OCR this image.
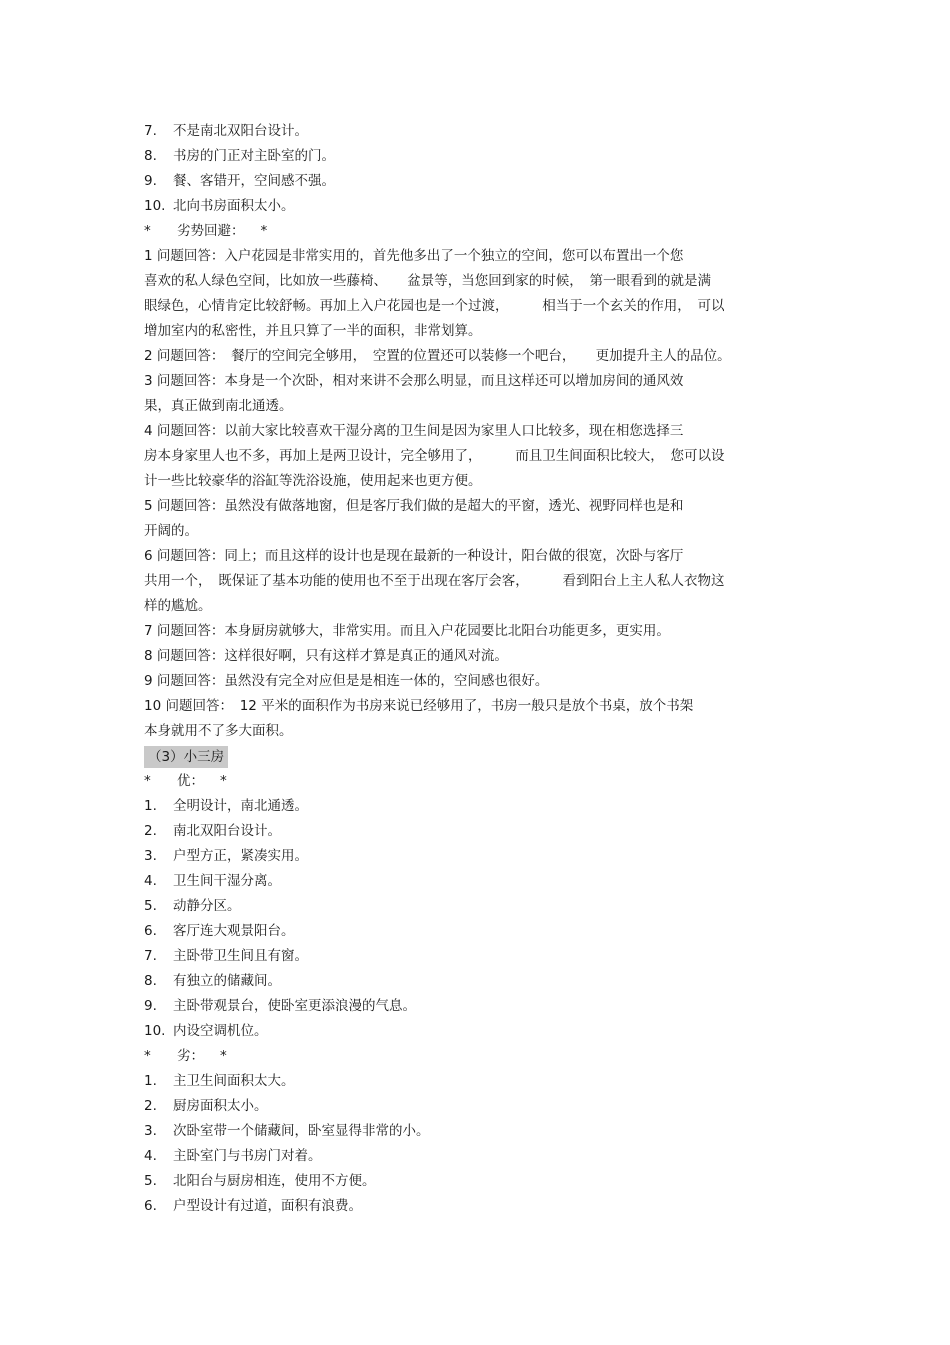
7. 不是南北双阳台设计。
8. 书房的门正对主卧室的门。
9. 餐、客错开，空间感不强。
10. 北向书房面积太小。
* 劣势回避： *
1 问题回答：入户花园是非常实用的，首先他多出了一个独立的空间，您可以布置出一个您
喜欢的私人绿色空间，比如放一些藤椅、　　盆景等，当您回到家的时候，　第一眼看到的就是满
眼绿色，心情肯定比较舒畅。再加上入户花园也是一个过渡，　　　相当于一个玄关的作用，　可以
增加室内的私密性，并且只算了一半的面积，非常划算。
2 问题回答：　餐厅的空间完全够用，　空置的位置还可以装修一个吧台，　　更加提升主人的品位。
3 问题回答：本身是一个次卧，相对来讲不会那么明显，而且这样还可以增加房间的通风效
果，真正做到南北通透。
4 问题回答：以前大家比较喜欢干湿分离的卫生间是因为家里人口比较多，现在相您选择三
房本身家里人也不多，再加上是两卫设计，完全够用了，　　　而且卫生间面积比较大，　您可以设
计一些比较豪华的浴缸等洗浴设施，使用起来也更方便。
5 问题回答：虽然没有做落地窗，但是客厅我们做的是超大的平窗，透光、视野同样也是和
开阔的。
6 问题回答：同上；而且这样的设计也是现在最新的一种设计，阳台做的很宽，次卧与客厅
共用一个，　既保证了基本功能的使用也不至于出现在客厅会客，　　　看到阳台上主人私人衣物这
样的尴尬。
7 问题回答：本身厨房就够大，非常实用。而且入户花园要比北阳台功能更多，更实用。
8 问题回答：这样很好啊，只有这样才算是真正的通风对流。
9 问题回答：虽然没有完全对应但是是相连一体的，空间感也很好。
10 问题回答：　12 平米的面积作为书房来说已经够用了，书房一般只是放个书桌，放个书架
本身就用不了多大面积。
（3）小三房
* 优： *
1. 全明设计，南北通透。
2. 南北双阳台设计。
3. 户型方正，紧凑实用。
4. 卫生间干湿分离。
5. 动静分区。
6. 客厅连大观景阳台。
7. 主卧带卫生间且有窗。
8. 有独立的储藏间。
9. 主卧带观景台，使卧室更添浪漫的气息。
10. 内设空调机位。
* 劣： *
1. 主卫生间面积太大。
2. 厨房面积太小。
3. 次卧室带一个储藏间，卧室显得非常的小。
4. 主卧室门与书房门对着。
5. 北阳台与厨房相连，使用不方便。
6. 户型设计有过道，面积有浪费。
